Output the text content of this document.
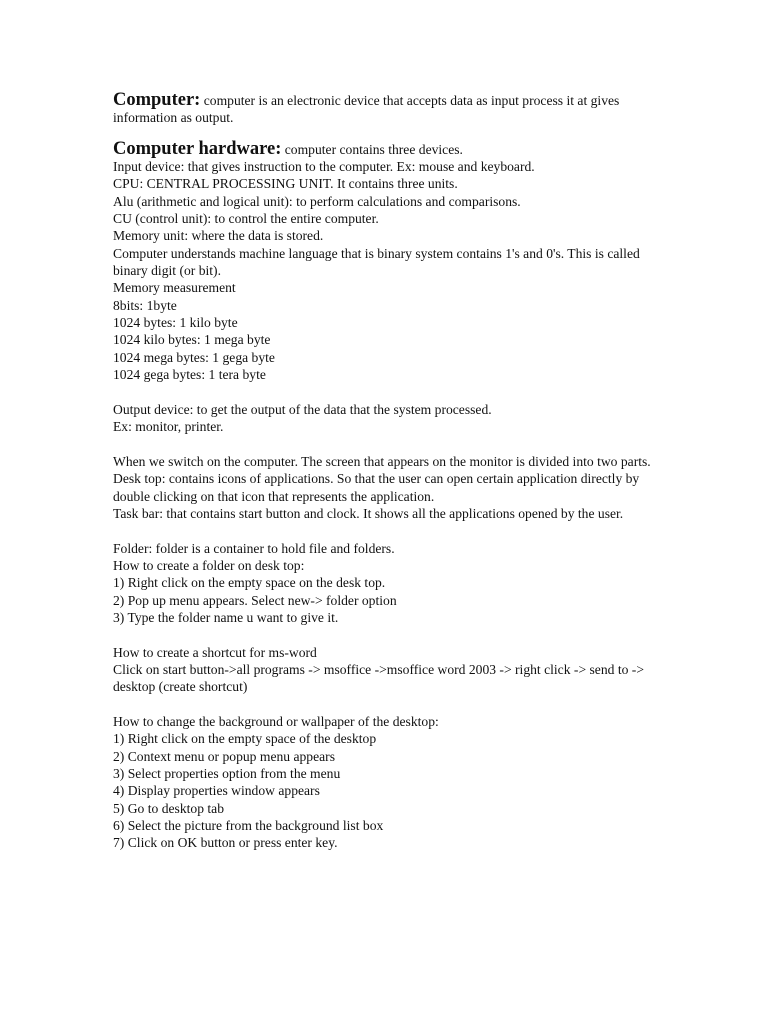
Computer: computer is an electronic device that accepts data as input process it at gives information as output.

Computer hardware: computer contains three devices.

Input device: that gives instruction to the computer. Ex: mouse and keyboard.
CPU: CENTRAL PROCESSING UNIT. It contains three units.
Alu (arithmetic and logical unit): to perform calculations and comparisons.
CU (control unit): to control the entire computer.
Memory unit: where the data is stored.
Computer understands machine language that is binary system contains 1's and 0's. This is called binary digit (or bit).
Memory measurement
8bits: 1byte
1024 bytes: 1 kilo byte
1024 kilo bytes: 1 mega byte
1024 mega bytes: 1 gega byte
1024 gega bytes: 1 tera byte
Output device: to get the output of the data that the system processed.
Ex: monitor, printer.
When we switch on the computer. The screen that appears on the monitor is divided into two parts.
Desk top: contains icons of applications. So that the user can open certain application directly by double clicking on that icon that represents the application.
Task bar: that contains start button and clock. It shows all the applications opened by the user.
Folder: folder is a container to hold file and folders.
How to create a folder on desk top:
1) Right click on the empty space on the desk top.
2) Pop up menu appears. Select new-> folder option
3) Type the folder name u want to give it.
How to create a shortcut for ms-word
Click on start button->all programs -> msoffice ->msoffice word 2003 -> right click -> send to -> desktop (create shortcut)
How to change the background or wallpaper of the desktop:
1) Right click on the empty space of the desktop
2) Context menu or popup menu appears
3) Select properties option from the menu
4) Display properties window appears
5) Go to desktop tab
6) Select the picture from the background list box
7) Click on OK button or press enter key.
